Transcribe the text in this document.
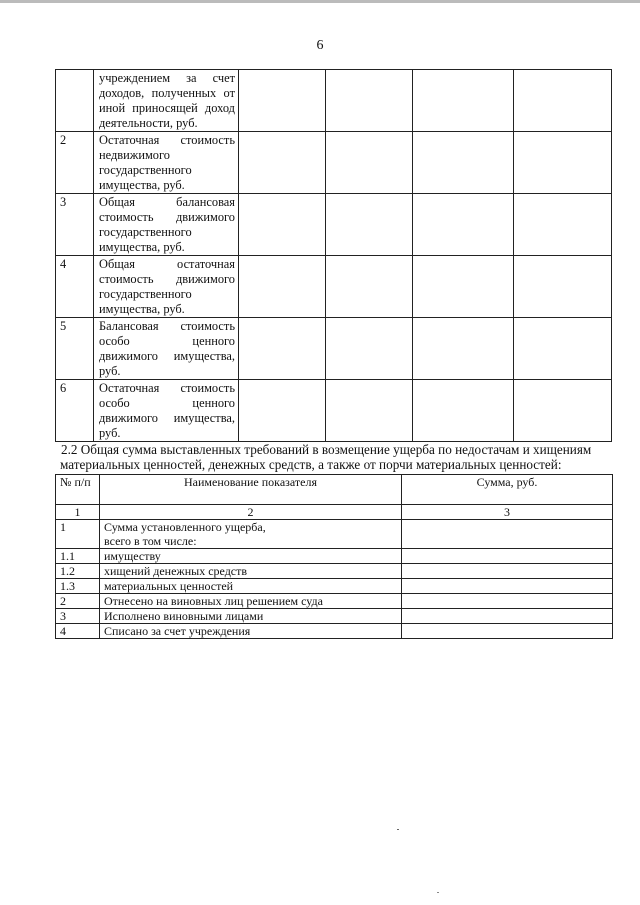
6
	учреждением за счет доходов, полученных от иной приносящей доход деятельности, руб.				
2	Остаточная стоимость недвижимого государственного имущества, руб.				
3	Общая балансовая стоимость движимого государственного имущества, руб.				
4	Общая остаточная стоимость движимого государственного имущества, руб.				
5	Балансовая стоимость особо ценного движимого имущества, руб.				
6	Остаточная стоимость особо ценного движимого имущества, руб.				
2.2 Общая сумма выставленных требований в возмещение ущерба по недостачам и хищениям
материальных ценностей, денежных средств, а также от порчи материальных ценностей:
№ п/п	Наименование показателя	Сумма, руб.
1	2	3
1	Сумма установленного ущерба, всего в том числе:	
1.1	имуществу	
1.2	хищений денежных средств	
1.3	материальных ценностей	
2	Отнесено на виновных лиц решением суда	
3	Исполнено виновными лицами	
4	Списано за счет учреждения	
